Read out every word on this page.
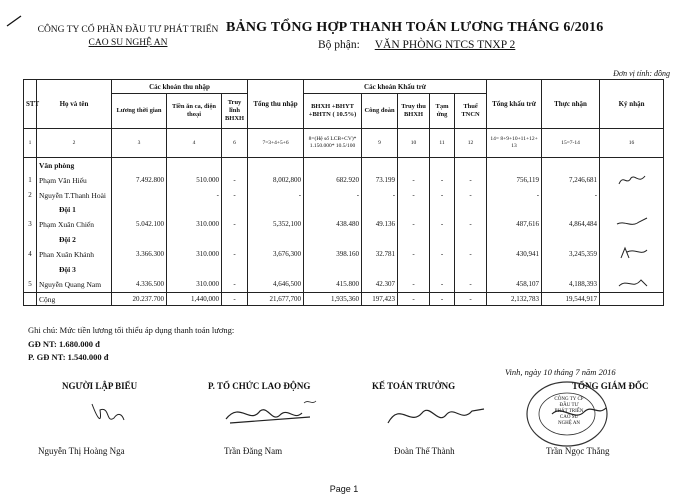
CÔNG TY CỔ PHẦN ĐẦU TƯ PHÁT TRIỂN
CAO SU NGHỆ AN
BẢNG TỔNG HỢP THANH TOÁN LƯƠNG THÁNG 6/2016
Bộ phận: VĂN PHÒNG NTCS TNXP 2
Đơn vị tính: đồng
STT	Họ và tên	Các khoản thu nhập			Tổng thu nhập	Các khoản Khấu trừ					Tổng khấu trừ	Thực nhận	Ký nhận
		Lương thời gian	Tiền ăn ca, điện thoại	Truy lĩnh BHXH		BHXH +BHYT +BHTN ( 10.5%)	Công đoàn	Truy thu BHXH	Tạm ứng	Thuế TNCN			
1	2	3	4	6	7=3+4+5+6	8=(Hệ số LCB+CV)* 1.150.000* 10.5/100	9	10	11	12	14= 8+9+10+11+12+ 13	15=7-14	16
	Văn phòng												
1	Phạm Văn Hiếu	7.492.800	510.000	-	8,002,800	682.920	73.199	-	-	-	756,119	7,246,681	
2	Nguyễn T.Thanh Hoài		-	-	-	-	-	-	-	-	-	-	
	Đội 1												
3	Phạm Xuân Chiến	5.042.100	310.000	-	5,352,100	438.480	49.136	-	-	-	487,616	4,864,484	
	Đội 2												
4	Phan Xuân Khánh	3.366.300	310.000	-	3,676,300	398.160	32.781	-	-	-	430,941	3,245,359	
	Đội 3												
5	Nguyễn Quang Nam	4.336.500	310.000	-	4,646,500	415.800	42.307	-	-	-	458,107	4,188,393	
	Cộng	20.237.700	1,440,000	-	21,677,700	1,935,360	197,423	-	-	-	2,132,783	19,544,917	
Ghi chú: Mức tiền lương tối thiểu áp dụng thanh toán lương:
GĐ NT: 1.680.000 đ
P. GĐ NT: 1.540.000 đ
Vinh, ngày 10 tháng 7 năm 2016
NGƯỜI LẬP BIỂU	P. TỔ CHỨC LAO ĐỘNG	KẾ TOÁN TRƯỞNG	TỔNG GIÁM ĐỐC
CÔNG TY CP ĐẦU TƯ PHÁT TRIỂN CAO SU NGHỆ AN
Nguyễn Thị Hoàng Nga	Trần Đăng Nam	Đoàn Thế Thành	Trần Ngọc Thắng
Page 1
